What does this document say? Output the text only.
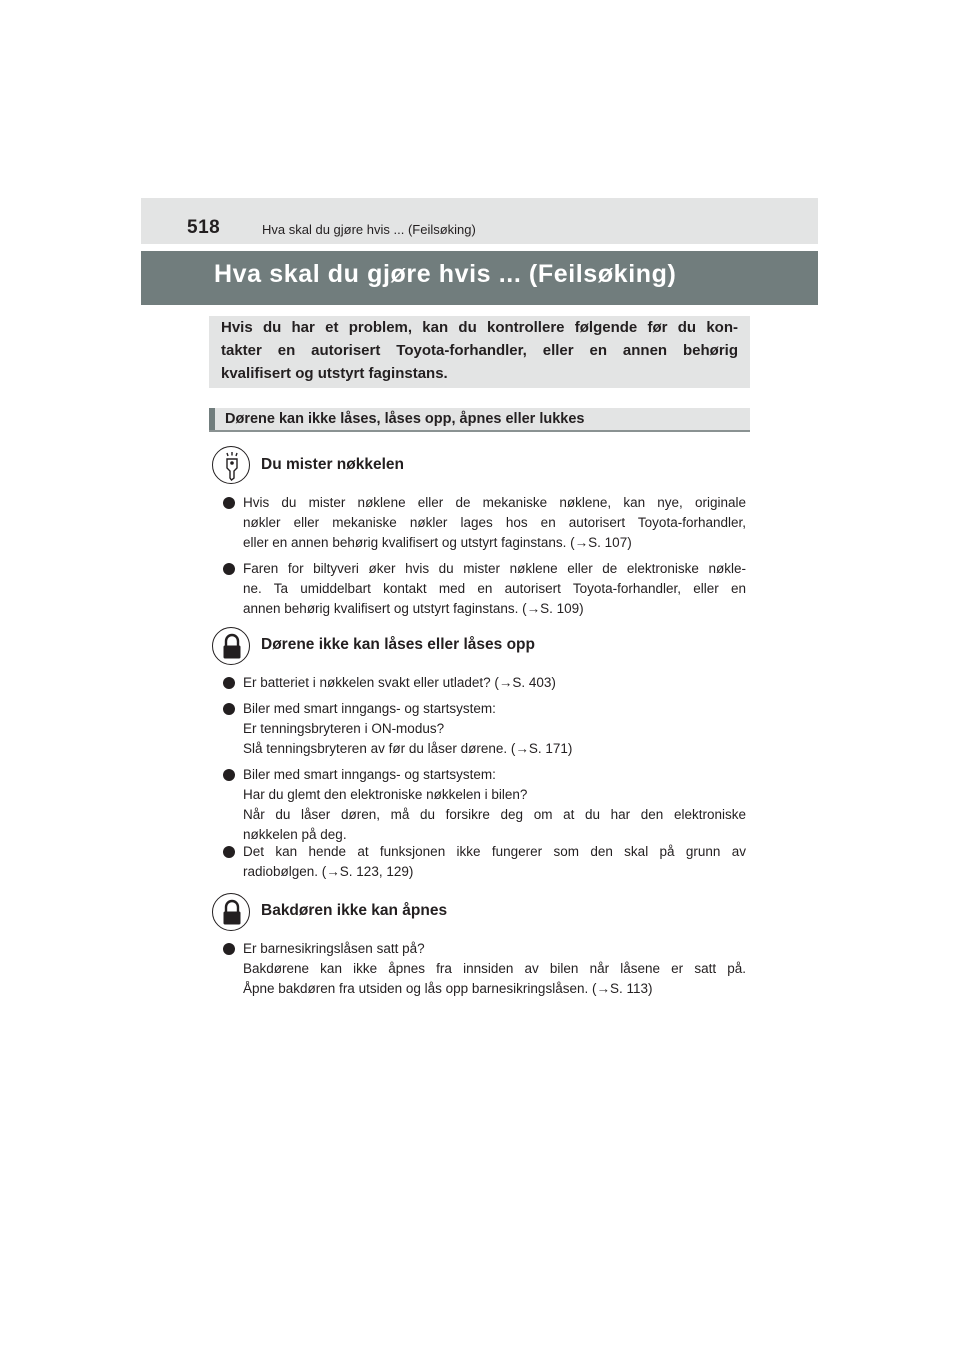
518	Hva skal du gjøre hvis ... (Feilsøking)
Hva skal du gjøre hvis ... (Feilsøking)
Hvis du har et problem, kan du kontrollere følgende før du kon-
takter en autorisert Toyota-forhandler, eller en annen behørig
kvalifisert og utstyrt faginstans.
Dørene kan ikke låses, låses opp, åpnes eller lukkes
Du mister nøkkelen
Hvis du mister nøklene eller de mekaniske nøklene, kan nye, originale
nøkler eller mekaniske nøkler lages hos en autorisert Toyota-forhandler,
eller en annen behørig kvalifisert og utstyrt faginstans. (→S. 107)
Faren for biltyveri øker hvis du mister nøklene eller de elektroniske nøkle-
ne. Ta umiddelbart kontakt med en autorisert Toyota-forhandler, eller en
annen behørig kvalifisert og utstyrt faginstans. (→S. 109)
Dørene ikke kan låses eller låses opp
Er batteriet i nøkkelen svakt eller utladet? (→S. 403)
Biler med smart inngangs- og startsystem:
Er tenningsbryteren i ON-modus?
Slå tenningsbryteren av før du låser dørene. (→S. 171)
Biler med smart inngangs- og startsystem:
Har du glemt den elektroniske nøkkelen i bilen?
Når du låser døren, må du forsikre deg om at du har den elektroniske
nøkkelen på deg.
Det kan hende at funksjonen ikke fungerer som den skal på grunn av
radiobølgen. (→S. 123, 129)
Bakdøren ikke kan åpnes
Er barnesikringslåsen satt på?
Bakdørene kan ikke åpnes fra innsiden av bilen når låsene er satt på.
Åpne bakdøren fra utsiden og lås opp barnesikringslåsen. (→S. 113)
